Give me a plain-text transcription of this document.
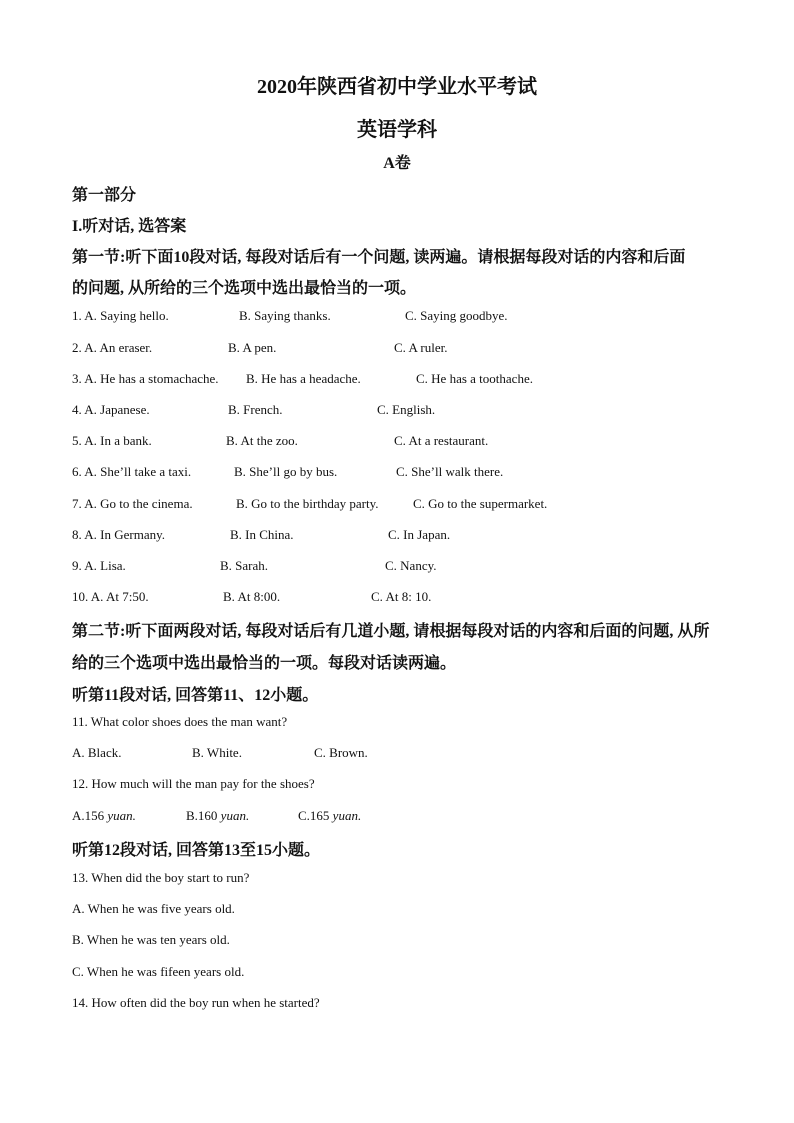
2020年陕西省初中学业水平考试
英语学科
A卷
第一部分
I.听对话, 选答案
第一节:听下面10段对话, 每段对话后有一个问题, 读两遍。请根据每段对话的内容和后面
的问题, 从所给的三个选项中选出最恰当的一项。
1. A. Saying hello.	B. Saying thanks.	C. Saying goodbye.
2. A. An eraser.	B. A pen.	C. A ruler.
3. A. He has a stomachache. B. He has a headache.	C. He has a toothache.
4. A. Japanese.	B. French.	C. English.
5. A. In a bank.	B. At the zoo.	C. At a restaurant.
6. A. She’ll take a taxi.	B. She’ll go by bus.	C. She’ll walk there.
7. A. Go to the cinema.	B. Go to the birthday party.	C. Go to the supermarket.
8. A. In Germany.	B. In China.	C. In Japan.
9. A. Lisa.	B. Sarah.	C. Nancy.
10. A. At 7:50.	B. At 8:00.	C. At 8: 10.
第二节:听下面两段对话, 每段对话后有几道小题, 请根据每段对话的内容和后面的问题, 从所
给的三个选项中选出最恰当的一项。每段对话读两遍。
听第11段对话, 回答第11、12小题。
11. What color shoes does the man want?
A. Black.	B. White.	C. Brown.
12. How much will the man pay for the shoes?
A.156 yuan.	B.160 yuan.	C.165 yuan.
听第12段对话, 回答第13至15小题。
13. When did the boy start to run?
A. When he was five years old.
B. When he was ten years old.
C. When he was fifeen years old.
14. How often did the boy run when he started?
